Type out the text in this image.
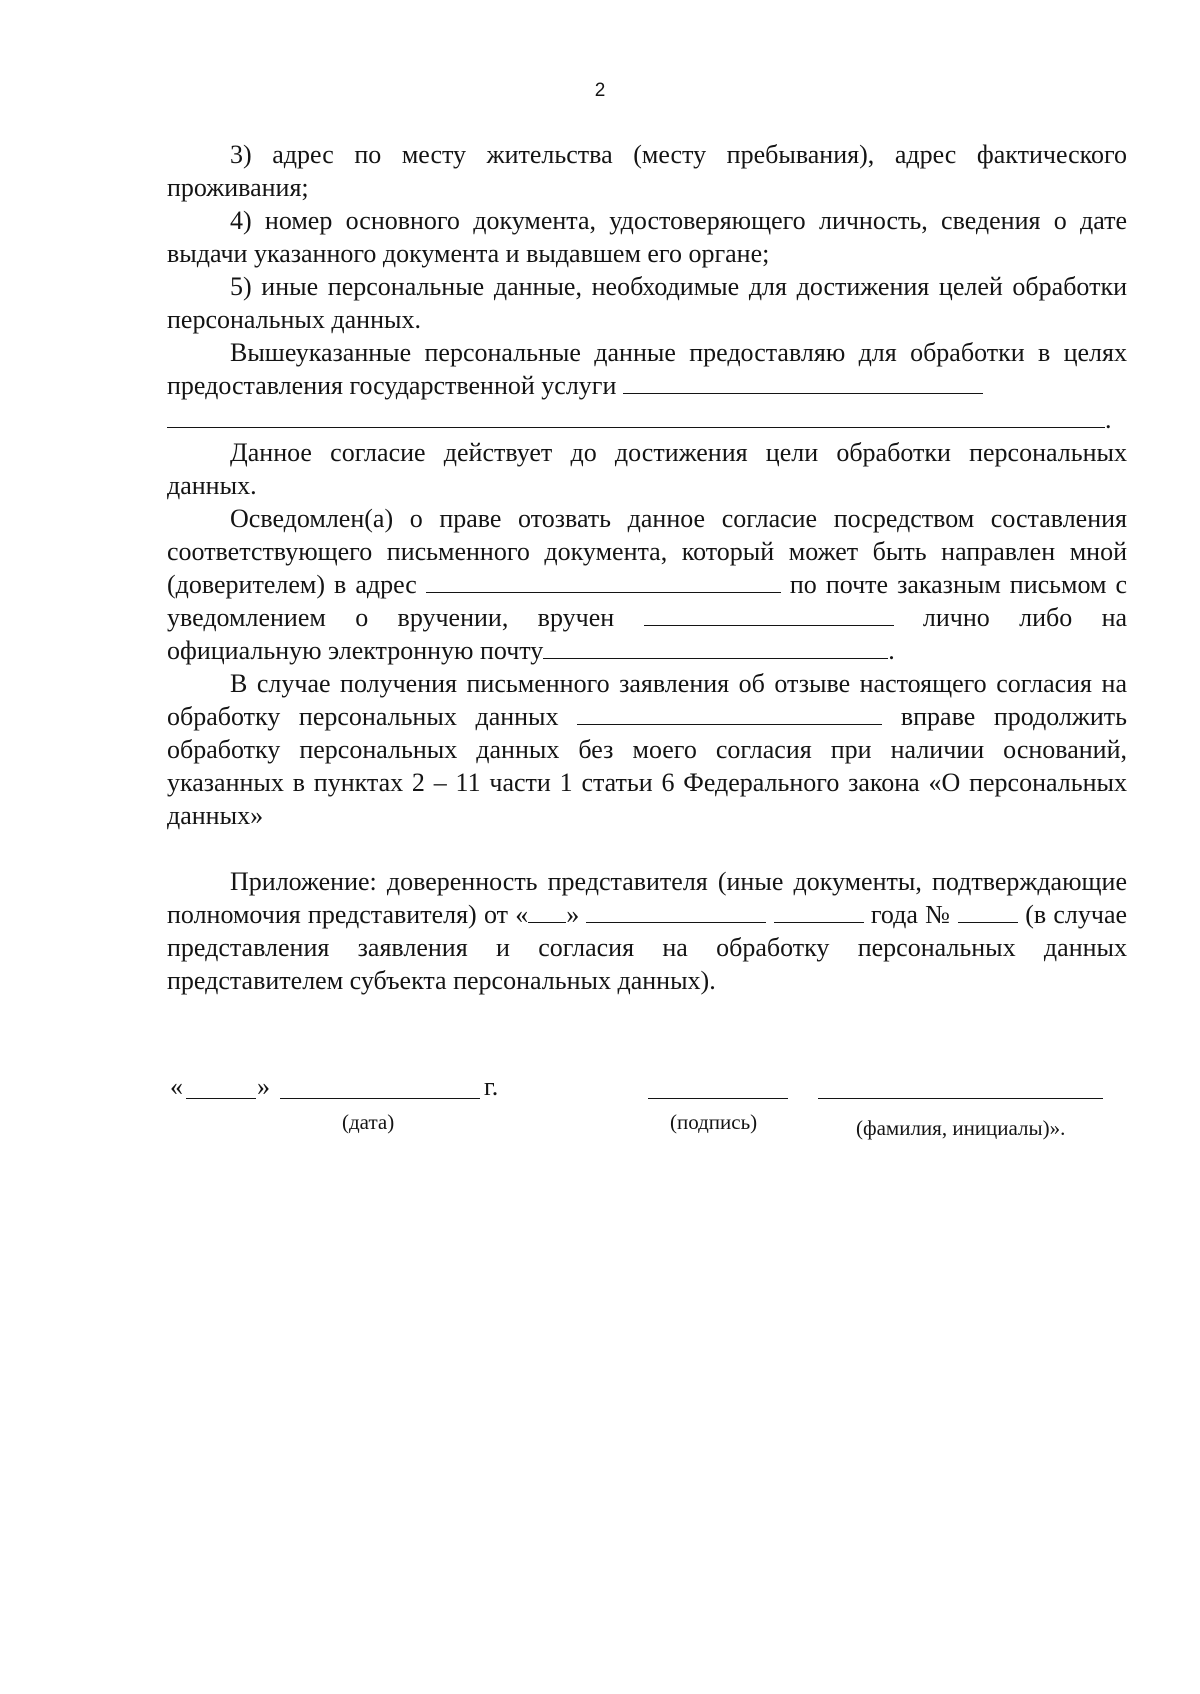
2

3) адрес по месту жительства (месту пребывания), адрес фактического проживания;

4) номер основного документа, удостоверяющего личность, сведения о дате выдачи указанного документа и выдавшем его органе;

5) иные персональные данные, необходимые для достижения целей обработки персональных данных.

Вышеуказанные персональные данные предоставляю для обработки в целях предоставления государственной услуги
.

Данное согласие действует до достижения цели обработки персональных данных.

Осведомлен(а) о праве отозвать данное согласие посредством составления соответствующего письменного документа, который может быть направлен мной (доверителем) в адрес	по почте заказным письмом с уведомлением о вручении, вручен	лично либо на официальную электронную почту	.

В случае получения письменного заявления об отзыве настоящего согласия на обработку персональных данных	вправе продолжить обработку персональных данных без моего согласия при наличии оснований, указанных в пунктах 2 – 11 части 1 статьи 6 Федерального закона «О персональных данных»

Приложение: доверенность представителя (иные документы, подтверждающие полномочия представителя) от « »	года №	(в случае представления заявления и согласия на обработку персональных данных представителем субъекта персональных данных).

«	»	г.
(дата)	(подпись)	(фамилия, инициалы)».
